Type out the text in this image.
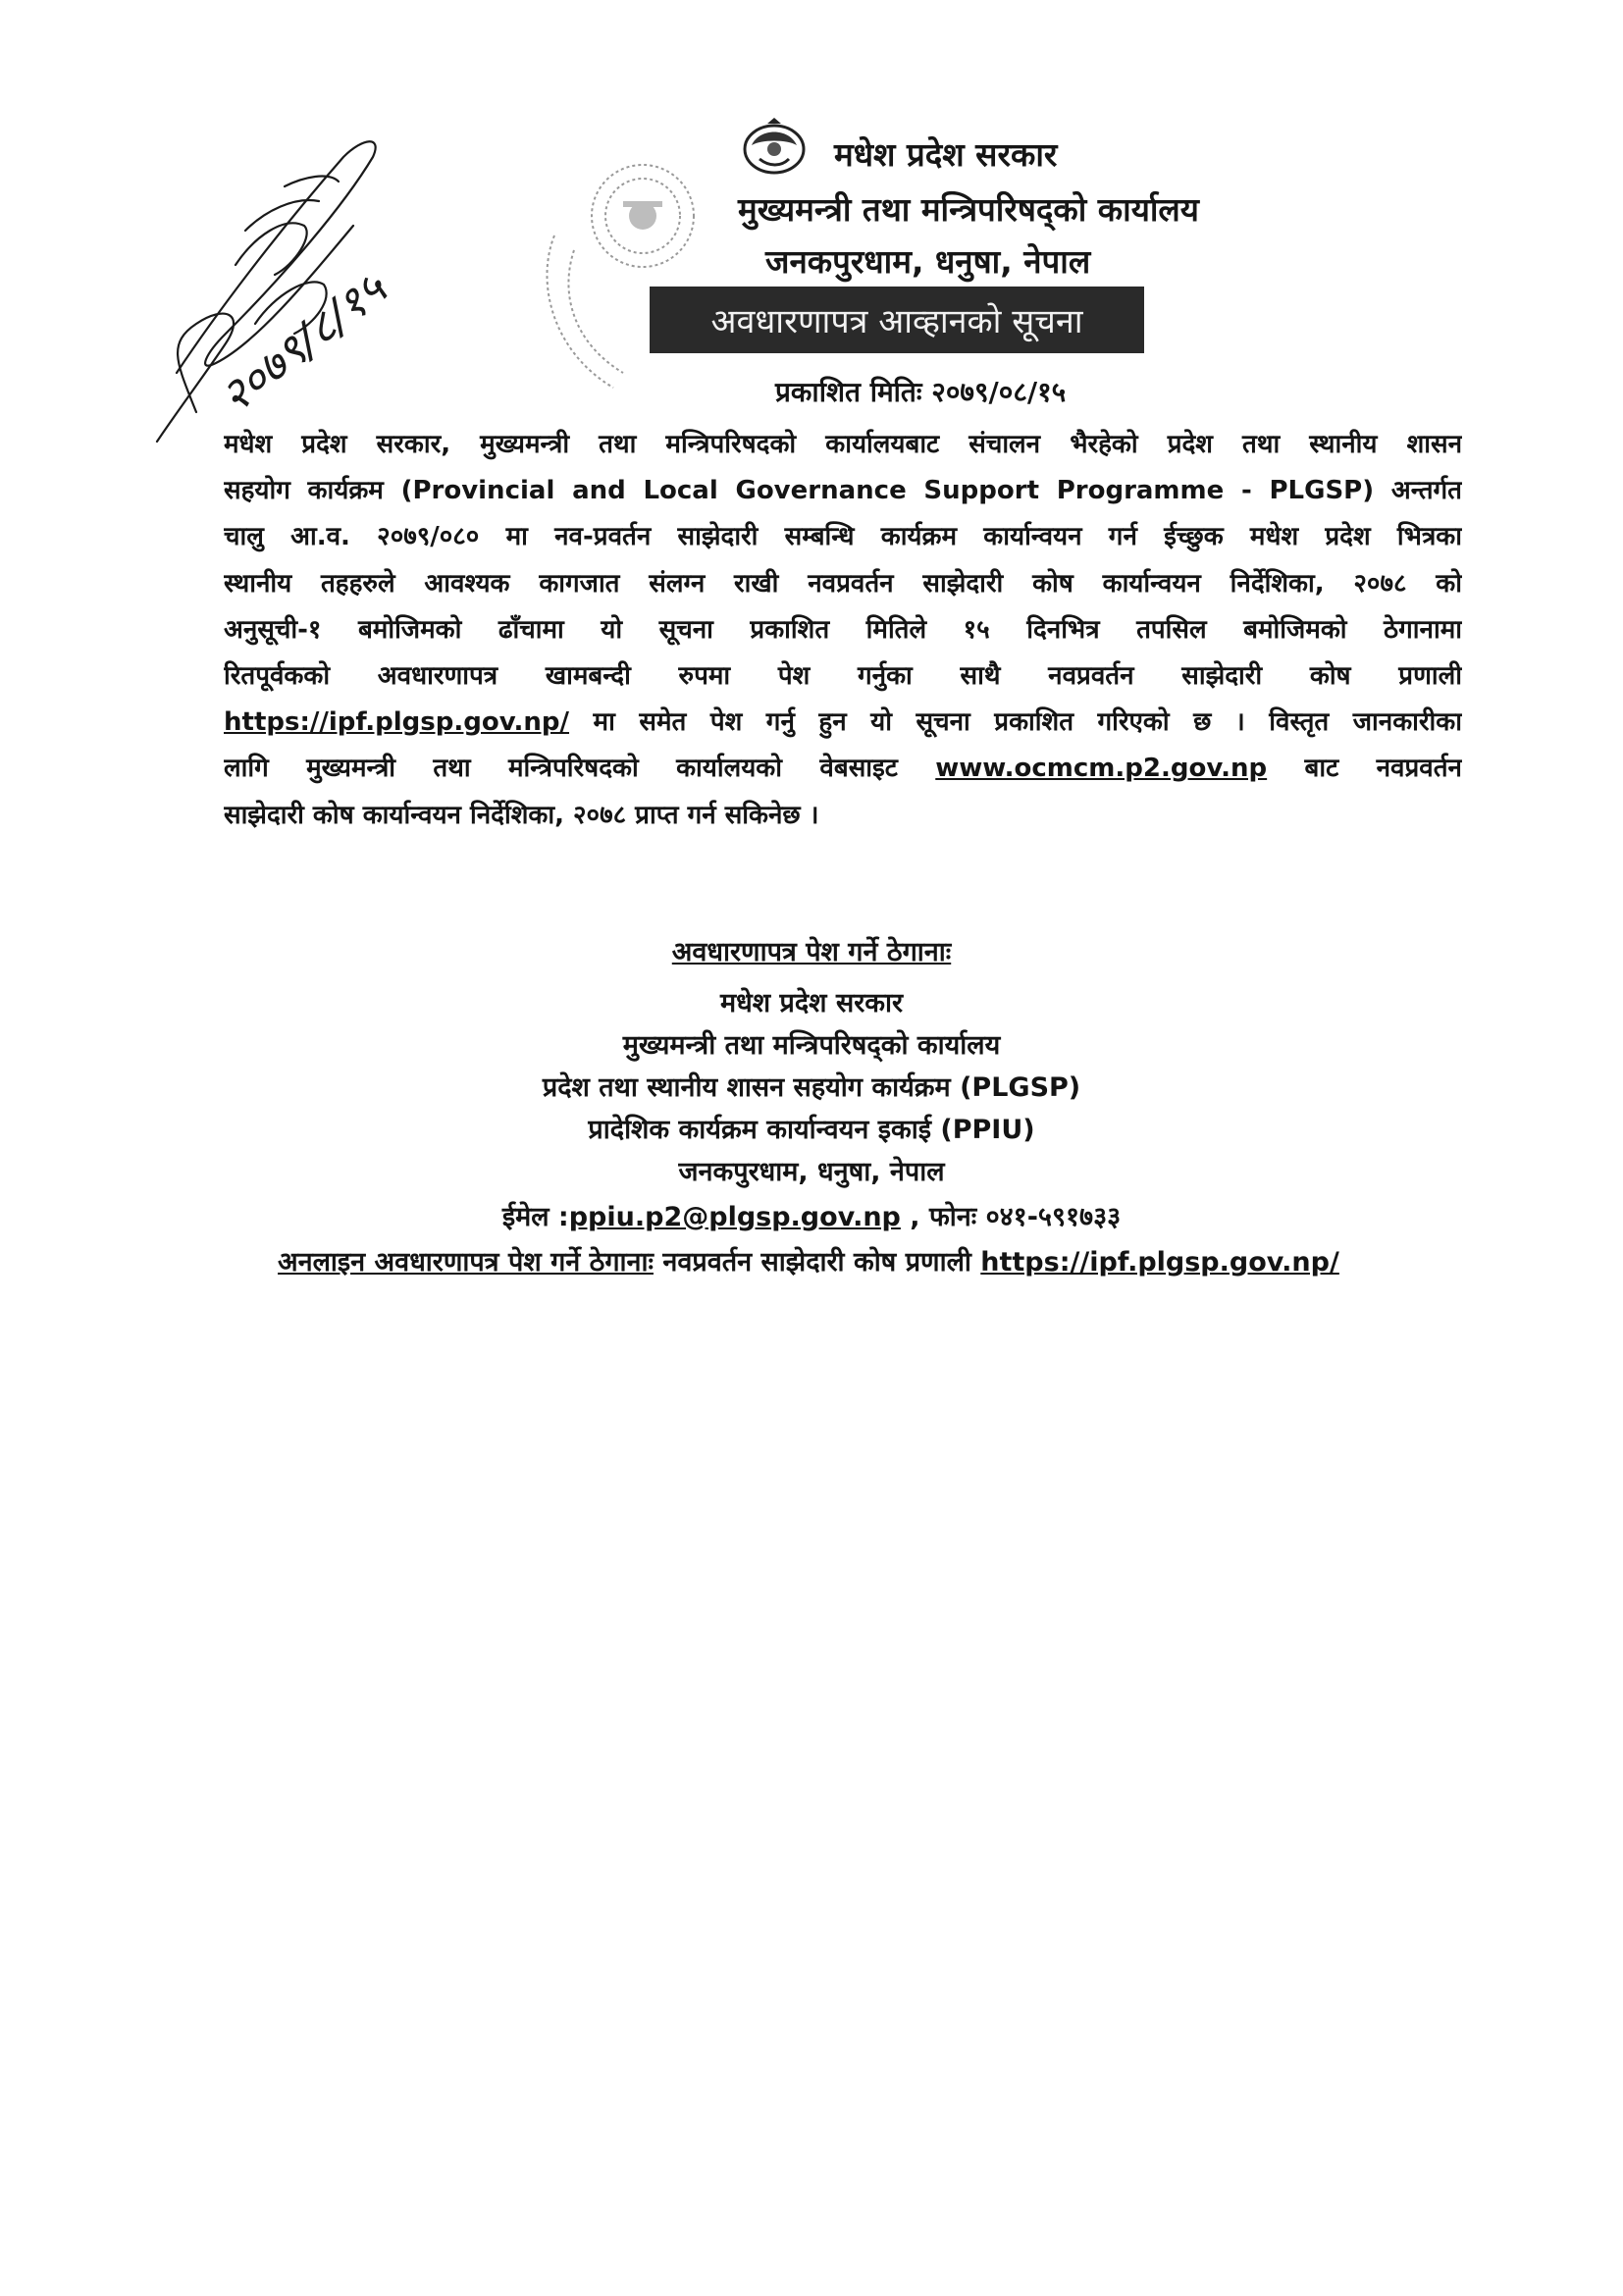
२०७९/८/१५
मधेश प्रदेश सरकार
मुख्यमन्त्री तथा मन्त्रिपरिषद्को कार्यालय
जनकपुरधाम, धनुषा, नेपाल
अवधारणापत्र आव्हानको सूचना
प्रकाशित मितिः २०७९/०८/१५
मधेश प्रदेश सरकार, मुख्यमन्त्री तथा मन्त्रिपरिषदको कार्यालयबाट संचालन भैरहेको प्रदेश तथा स्थानीय शासन
सहयोग कार्यक्रम (Provincial and Local Governance Support Programme - PLGSP) अन्तर्गत
चालु आ.व. २०७९/०८० मा नव-प्रवर्तन साझेदारी सम्बन्धि कार्यक्रम कार्यान्वयन गर्न ईच्छुक मधेश प्रदेश भित्रका
स्थानीय तहहरुले आवश्यक कागजात संलग्न राखी नवप्रवर्तन साझेदारी कोष कार्यान्वयन निर्देशिका, २०७८ को
अनुसूची-१ बमोजिमको ढाँचामा यो सूचना प्रकाशित मितिले १५ दिनभित्र तपसिल बमोजिमको ठेगानामा
रितपूर्वकको अवधारणापत्र खामबन्दी रुपमा पेश गर्नुका साथै नवप्रवर्तन साझेदारी कोष प्रणाली
https://ipf.plgsp.gov.np/ मा समेत पेश गर्नु हुन यो सूचना प्रकाशित गरिएको छ । विस्तृत जानकारीका
लागि मुख्यमन्त्री तथा मन्त्रिपरिषदको कार्यालयको वेबसाइट www.ocmcm.p2.gov.np बाट नवप्रवर्तन
साझेदारी कोष कार्यान्वयन निर्देशिका, २०७८ प्राप्त गर्न सकिनेछ ।
अवधारणापत्र पेश गर्ने ठेगानाः
मधेश प्रदेश सरकार
मुख्यमन्त्री तथा मन्त्रिपरिषद्को कार्यालय
प्रदेश तथा स्थानीय शासन सहयोग कार्यक्रम (PLGSP)
प्रादेशिक कार्यक्रम कार्यान्वयन इकाई (PPIU)
जनकपुरधाम, धनुषा, नेपाल
ईमेल :ppiu.p2@plgsp.gov.np , फोनः ०४१-५९१७३३
अनलाइन अवधारणापत्र पेश गर्ने ठेगानाः नवप्रवर्तन साझेदारी कोष प्रणाली https://ipf.plgsp.gov.np/
